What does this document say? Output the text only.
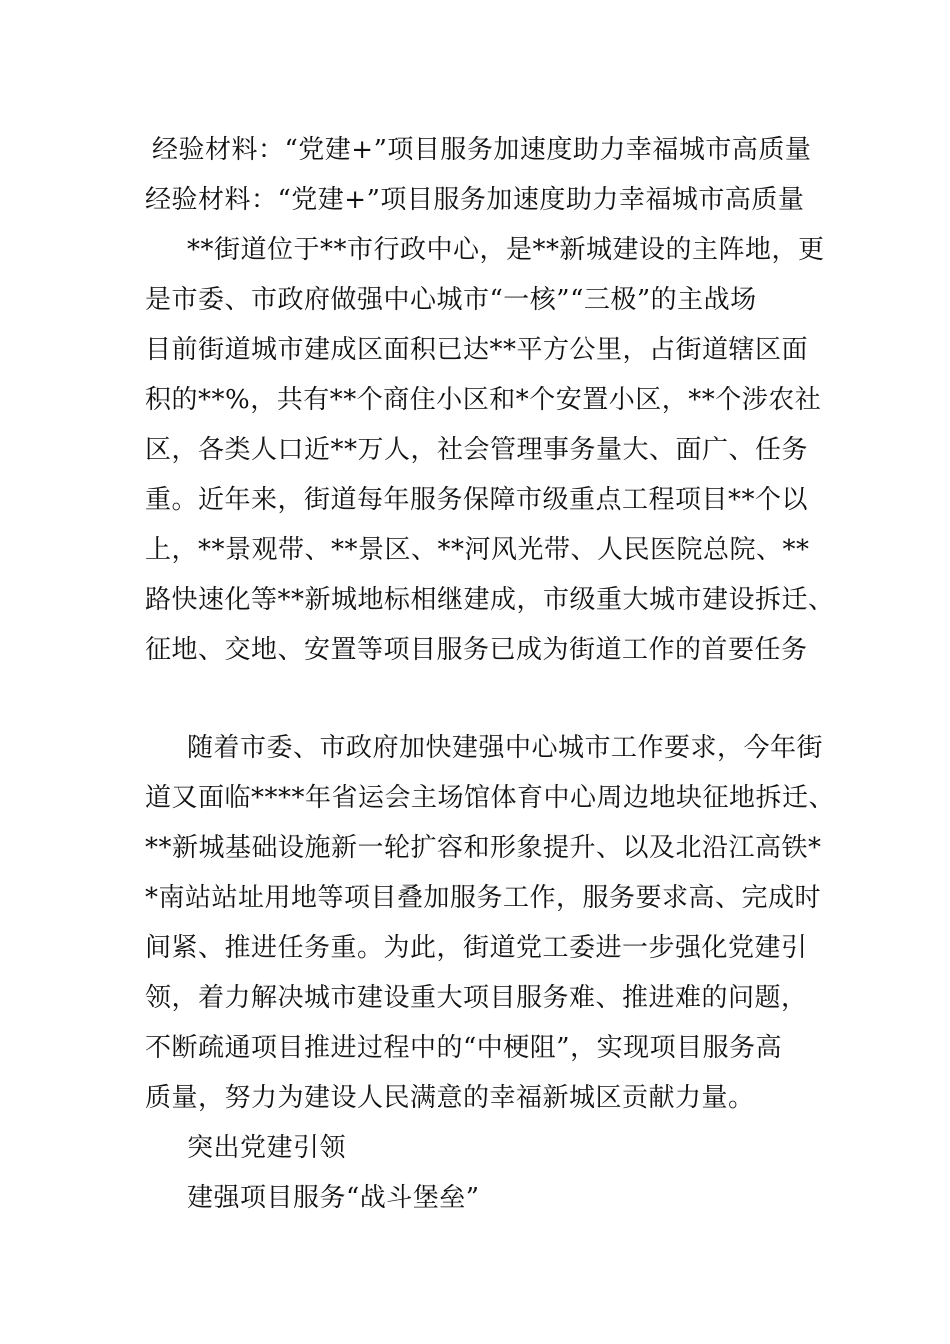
经验材料：“党建+”项目服务加速度助力幸福城市高质量
经验材料：“党建+”项目服务加速度助力幸福城市高质量
**街道位于**市行政中心，是**新城建设的主阵地，更
是市委、市政府做强中心城市“一核”“三极”的主战场
目前街道城市建成区面积已达**平方公里，占街道辖区面
积的**%，共有**个商住小区和*个安置小区，**个涉农社
区，各类人口近**万人，社会管理事务量大、面广、任务
重。近年来，街道每年服务保障市级重点工程项目**个以
上，**景观带、**景区、**河风光带、人民医院总院、**
路快速化等**新城地标相继建成，市级重大城市建设拆迁、
征地、交地、安置等项目服务已成为街道工作的首要任务
随着市委、市政府加快建强中心城市工作要求，今年街
道又面临****年省运会主场馆体育中心周边地块征地拆迁、
**新城基础设施新一轮扩容和形象提升、以及北沿江高铁*
*南站站址用地等项目叠加服务工作，服务要求高、完成时
间紧、推进任务重。为此，街道党工委进一步强化党建引
领，着力解决城市建设重大项目服务难、推进难的问题，
不断疏通项目推进过程中的“中梗阻”，实现项目服务高
质量，努力为建设人民满意的幸福新城区贡献力量。
突出党建引领
建强项目服务“战斗堡垒”
